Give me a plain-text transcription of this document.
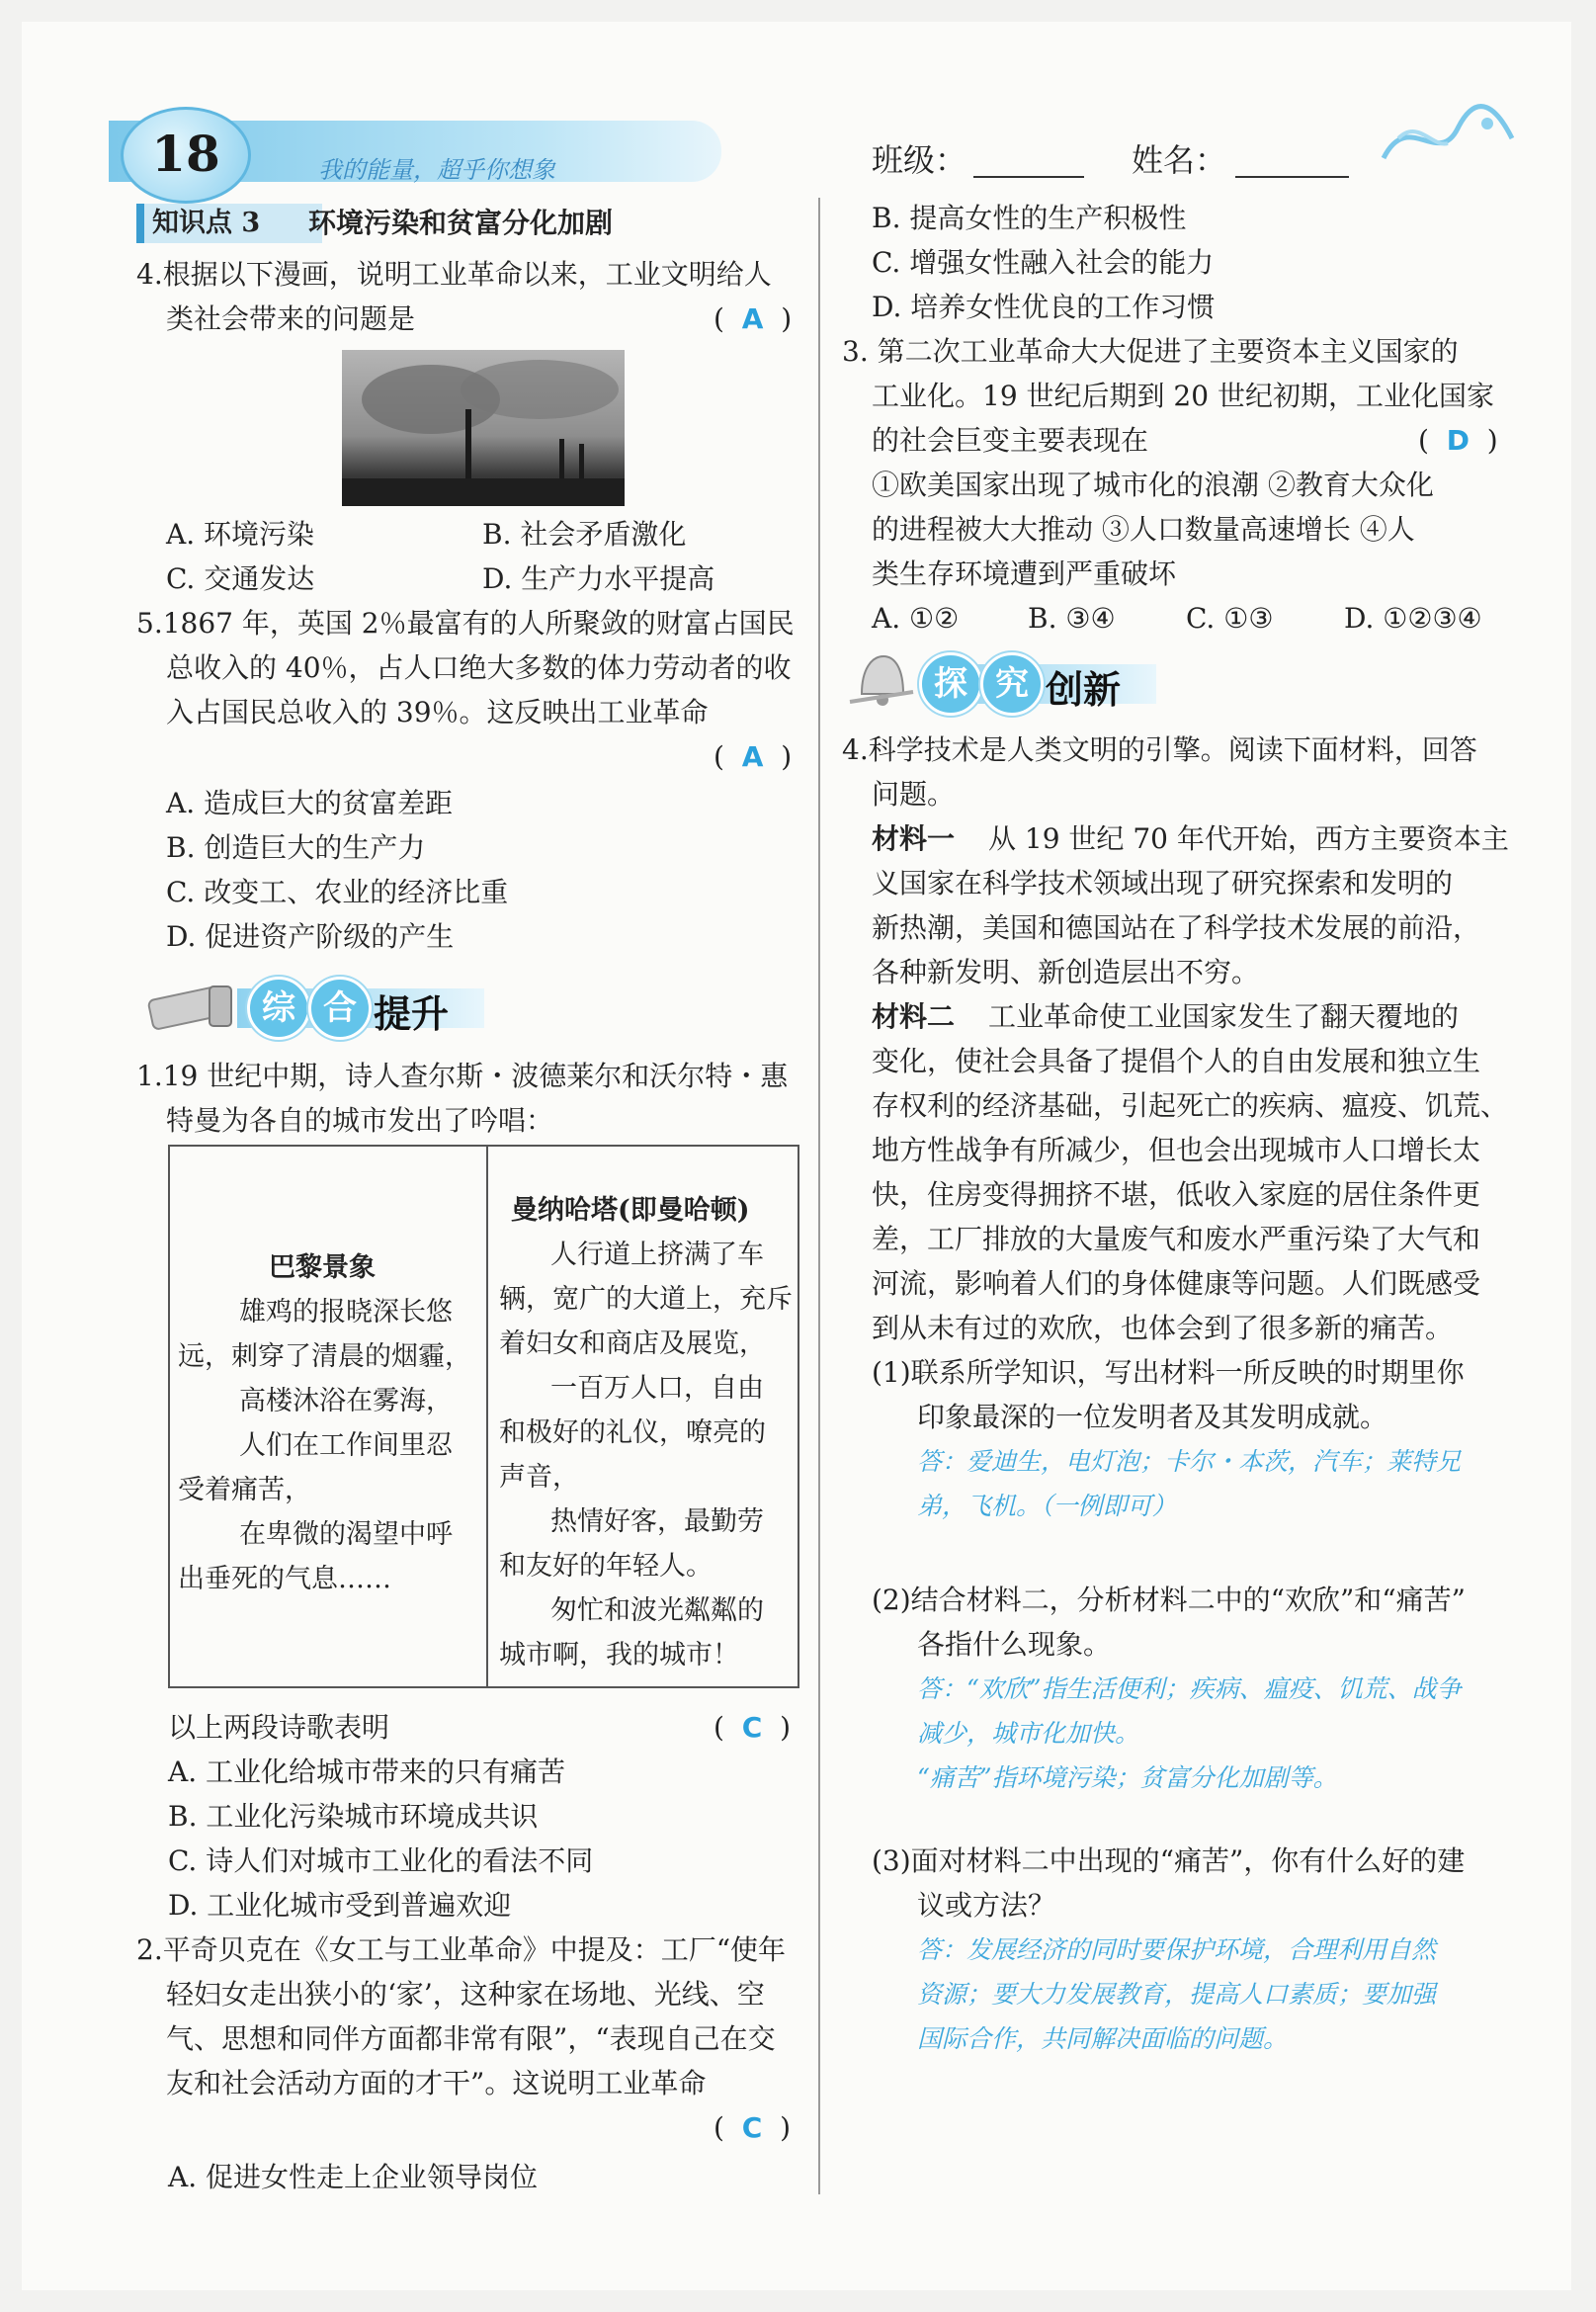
18	我的能量，超乎你想象	班级：	姓名：
知识点 3	环境污染和贫富分化加剧
4.根据以下漫画，说明工业革命以来，工业文明给人
类社会带来的问题是	(  A  )
A. 环境污染	B. 社会矛盾激化
C. 交通发达	D. 生产力水平提高
5.1867 年，英国 2％最富有的人所聚敛的财富占国民
总收入的 40％，占人口绝大多数的体力劳动者的收
入占国民总收入的 39％。这反映出工业革命
(  A  )
A. 造成巨大的贫富差距
B. 创造巨大的生产力
C. 改变工、农业的经济比重
D. 促进资产阶级的产生
综 合 提升
1.19 世纪中期，诗人查尔斯・波德莱尔和沃尔特・惠
特曼为各自的城市发出了吟唱：
巴黎景象
雄鸡的报晓深长悠
远，刺穿了清晨的烟霾，
高楼沐浴在雾海，
人们在工作间里忍
受着痛苦，
在卑微的渴望中呼
出垂死的气息……
曼纳哈塔(即曼哈顿)
人行道上挤满了车
辆，宽广的大道上，充斥
着妇女和商店及展览，
一百万人口，自由
和极好的礼仪，嘹亮的
声音，
热情好客，最勤劳
和友好的年轻人。
匆忙和波光粼粼的
城市啊，我的城市！
以上两段诗歌表明	(  C  )
A. 工业化给城市带来的只有痛苦
B. 工业化污染城市环境成共识
C. 诗人们对城市工业化的看法不同
D. 工业化城市受到普遍欢迎
2.平奇贝克在《女工与工业革命》中提及：工厂“使年
轻妇女走出狭小的‘家’，这种家在场地、光线、空
气、思想和同伴方面都非常有限”，“表现自己在交
友和社会活动方面的才干”。这说明工业革命
(  C  )
A. 促进女性走上企业领导岗位
B. 提高女性的生产积极性
C. 增强女性融入社会的能力
D. 培养女性优良的工作习惯
3. 第二次工业革命大大促进了主要资本主义国家的
工业化。19 世纪后期到 20 世纪初期，工业化国家
的社会巨变主要表现在	(  D  )
①欧美国家出现了城市化的浪潮 ②教育大众化
的进程被大大推动 ③人口数量高速增长 ④人
类生存环境遭到严重破坏
A. ①② B. ③④	C. ①③	D. ①②③④
探 究 创新
4.科学技术是人类文明的引擎。阅读下面材料，回答
问题。
材料一 从 19 世纪 70 年代开始，西方主要资本主
义国家在科学技术领域出现了研究探索和发明的
新热潮，美国和德国站在了科学技术发展的前沿，
各种新发明、新创造层出不穷。
材料二 工业革命使工业国家发生了翻天覆地的
变化，使社会具备了提倡个人的自由发展和独立生
存权利的经济基础，引起死亡的疾病、瘟疫、饥荒、
地方性战争有所减少，但也会出现城市人口增长太
快，住房变得拥挤不堪，低收入家庭的居住条件更
差，工厂排放的大量废气和废水严重污染了大气和
河流，影响着人们的身体健康等问题。人们既感受
到从未有过的欢欣，也体会到了很多新的痛苦。
(1)联系所学知识，写出材料一所反映的时期里你
印象最深的一位发明者及其发明成就。
答：爱迪生，电灯泡；卡尔・本茨，汽车；莱特兄
弟，飞机。（一例即可）
(2)结合材料二，分析材料二中的“欢欣”和“痛苦”
各指什么现象。
答：“欢欣”指生活便利；疾病、瘟疫、饥荒、战争
减少，城市化加快。
“痛苦”指环境污染；贫富分化加剧等。
(3)面对材料二中出现的“痛苦”，你有什么好的建
议或方法？
答：发展经济的同时要保护环境，合理利用自然
资源；要大力发展教育，提高人口素质；要加强
国际合作，共同解决面临的问题。
